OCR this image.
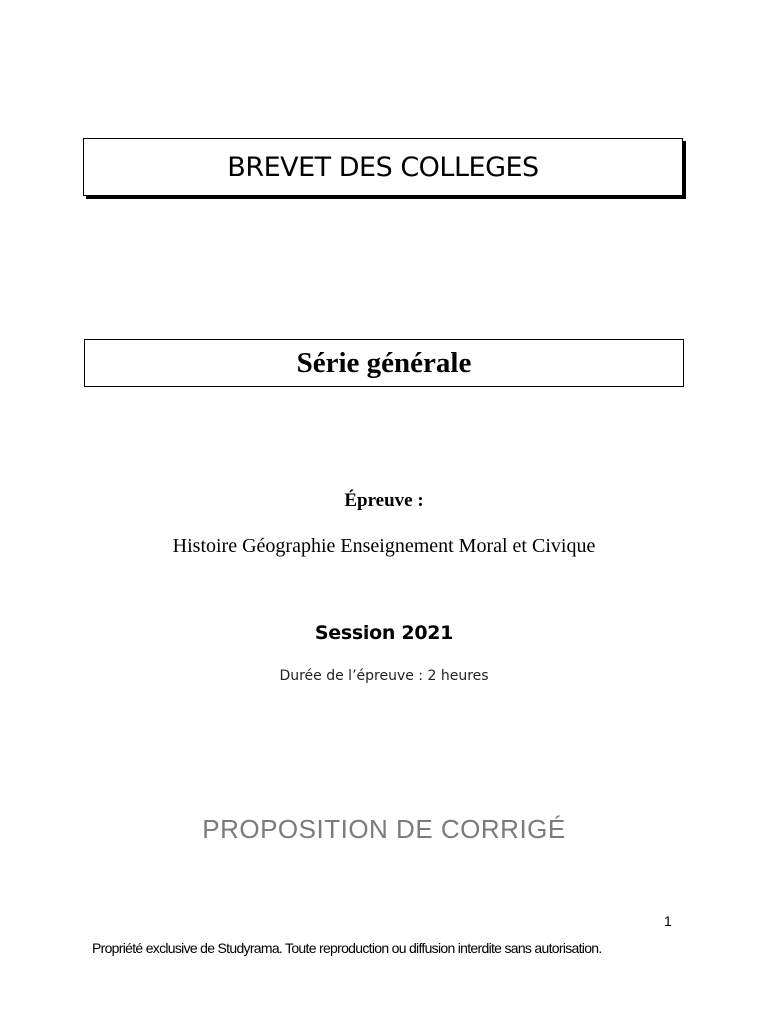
BREVET DES COLLEGES
Série générale
Épreuve :
Histoire Géographie Enseignement Moral et Civique
Session 2021
Durée de l’épreuve : 2 heures
PROPOSITION DE CORRIGÉ
1
Propriété exclusive de Studyrama. Toute reproduction ou diffusion interdite sans autorisation.
